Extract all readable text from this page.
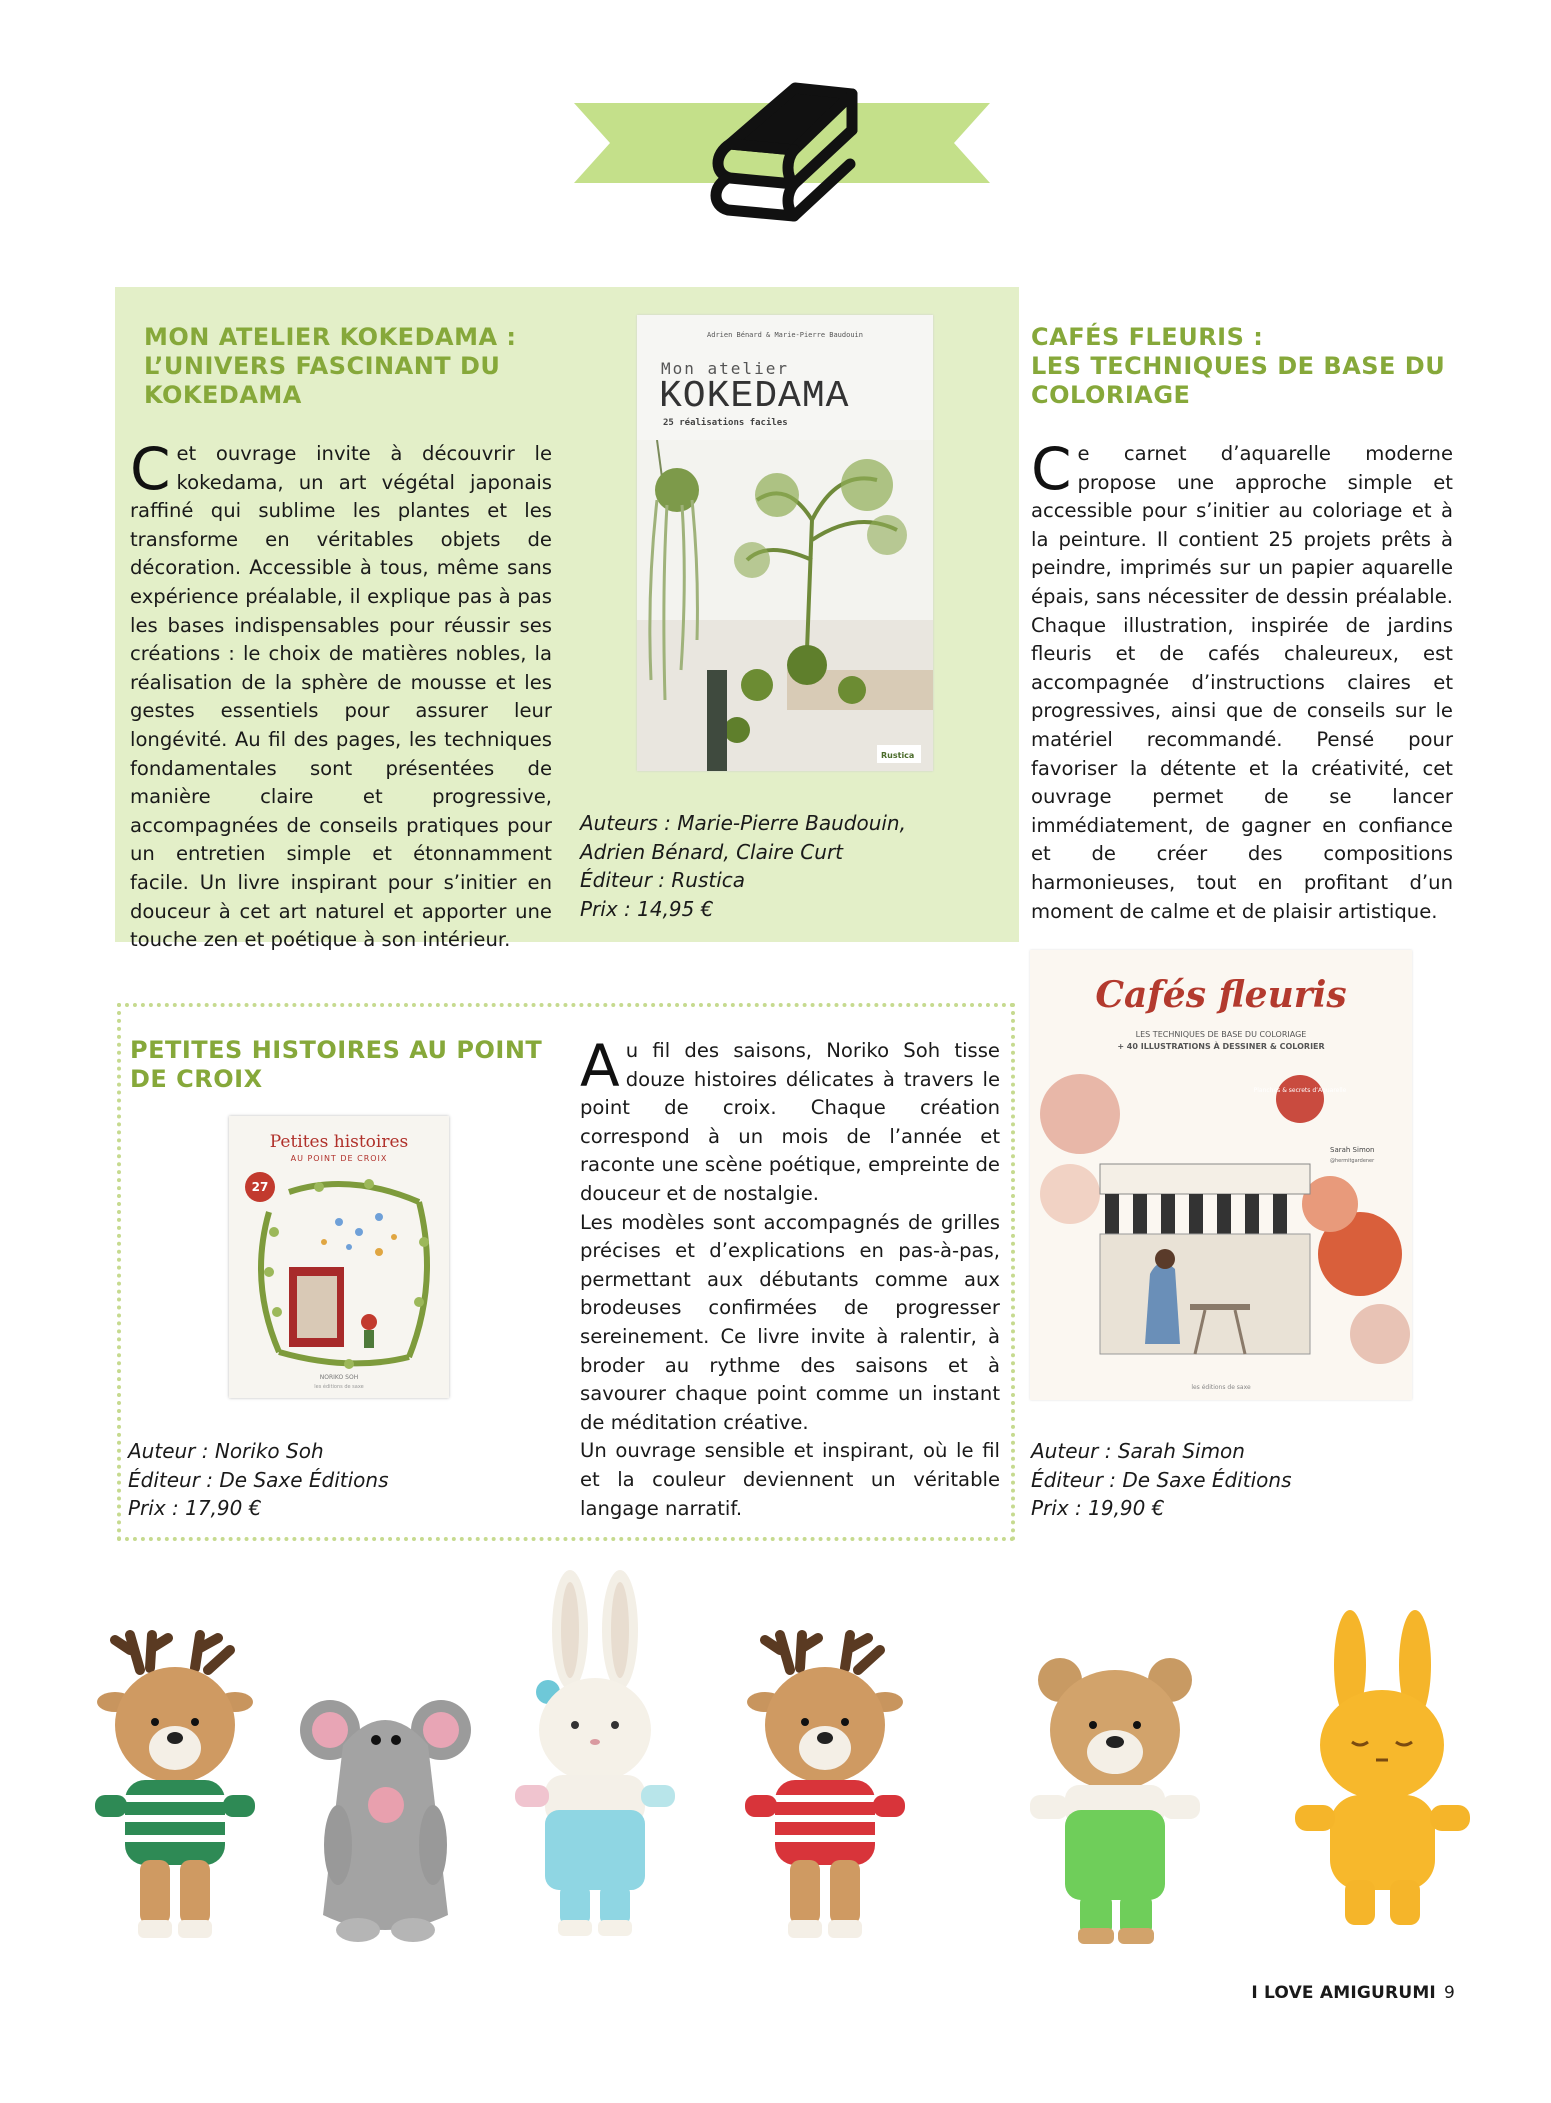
MON ATELIER KOKEDAMA :

L’UNIVERS FASCINANT DU

KOKEDAMA

Cet ouvrage invite à découvrir le kokedama, un art végétal japonais raffiné qui sublime les plantes et les transforme en véritables objets de décoration. Accessible à tous, même sans expérience préalable, il explique pas à pas les bases indispensables pour réussir ses créations : le choix de matières nobles, la réalisation de la sphère de mousse et les gestes essentiels pour assurer leur longévité. Au fil des pages, les techniques fondamentales sont présentées de manière claire et progressive, accompagnées de conseils pratiques pour un entretien simple et étonnamment facile. Un livre inspirant pour s’initier en douceur à cet art naturel et apporter une touche zen et poétique à son intérieur.

Adrien Bénard & Marie-Pierre Baudouin
Mon atelier
KOKEDAMA
25 réalisations faciles
Rustica

Auteurs : Marie-Pierre Baudouin,

Adrien Bénard, Claire Curt

Éditeur : Rustica

Prix : 14,95 €

CAFÉS FLEURIS :

LES TECHNIQUES DE BASE DU

COLORIAGE

Ce carnet d’aquarelle moderne propose une approche simple et accessible pour s’initier au coloriage et à la peinture. Il contient 25 projets prêts à peindre, imprimés sur un papier aquarelle épais, sans nécessiter de dessin préalable. Chaque illustration, inspirée de jardins fleuris et de cafés chaleureux, est accompagnée d’instructions claires et progressives, ainsi que de conseils sur le matériel recommandé. Pensé pour favoriser la détente et la créativité, cet ouvrage permet de se lancer immédiatement, de gagner en confiance et de créer des compositions harmonieuses, tout en profitant d’un moment de calme et de plaisir artistique.

Cafés fleuris
LES TECHNIQUES DE BASE DU COLORIAGE
+ 40 ILLUSTRATIONS À DESSINER & COLORIER
Planches & secrets d’Aquarelle
Sarah Simon
@hermitgardener
les éditions de saxe

Auteur : Sarah Simon

Éditeur : De Saxe Éditions

Prix : 19,90 €

PETITES HISTOIRES AU POINT

DE CROIX

Petites histoires
AU POINT DE CROIX
27
NORIKO SOH
les éditions de saxe

Auteur : Noriko Soh

Éditeur : De Saxe Éditions

Prix : 17,90 €

Au fil des saisons, Noriko Soh tisse douze histoires délicates à travers le point de croix. Chaque création correspond à un mois de l’année et raconte une scène poétique, empreinte de douceur et de nostalgie.

Les modèles sont accompagnés de grilles précises et d’explications en pas-à-pas, permettant aux débutants comme aux brodeuses confirmées de progresser sereinement. Ce livre invite à ralentir, à broder au rythme des saisons et à savourer chaque point comme un instant de méditation créative.

Un ouvrage sensible et inspirant, où le fil et la couleur deviennent un véritable langage narratif.

I LOVE AMIGURUMI 9
